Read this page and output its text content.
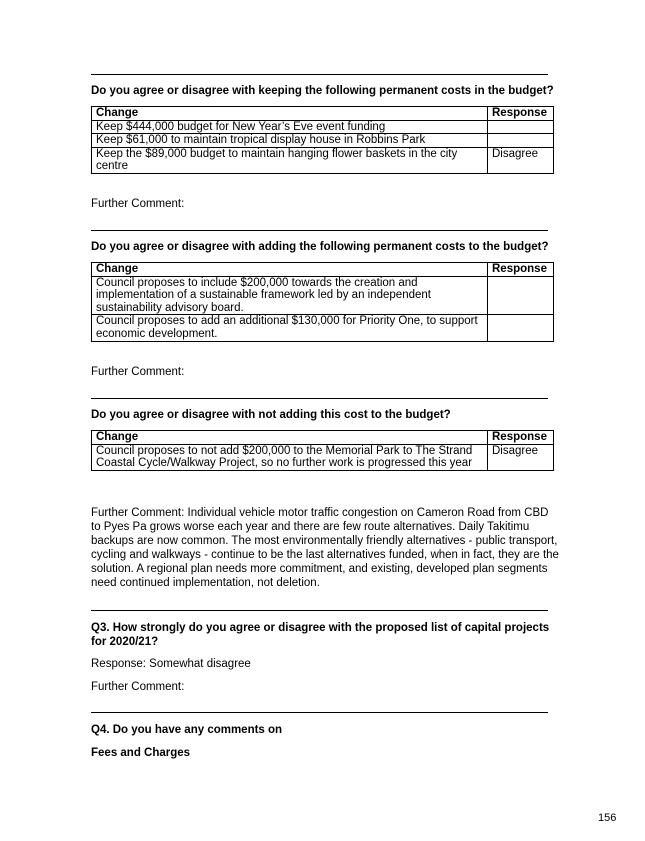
Do you agree or disagree with keeping the following permanent costs in the budget?
Change	Response
Keep $444,000 budget for New Year’s Eve event funding	
Keep $61,000 to maintain tropical display house in Robbins Park	
Keep the $89,000 budget to maintain hanging flower baskets in the city centre	Disagree
Further Comment:
Do you agree or disagree with adding the following permanent costs to the budget?
Change	Response
Council proposes to include $200,000 towards the creation and implementation of a sustainable framework led by an independent sustainability advisory board.	
Council proposes to add an additional $130,000 for Priority One, to support economic development.	
Further Comment:
Do you agree or disagree with not adding this cost to the budget?
Change	Response
Council proposes to not add $200,000 to the Memorial Park to The Strand Coastal Cycle/Walkway Project, so no further work is progressed this year	Disagree
Further Comment: Individual vehicle motor traffic congestion on Cameron Road from CBD to Pyes Pa grows worse each year and there are few route alternatives. Daily Takitimu backups are now common. The most environmentally friendly alternatives - public transport, cycling and walkways - continue to be the last alternatives funded, when in fact, they are the solution. A regional plan needs more commitment, and existing, developed plan segments need continued implementation, not deletion.
Q3. How strongly do you agree or disagree with the proposed list of capital projects for 2020/21?
Response: Somewhat disagree
Further Comment:
Q4. Do you have any comments on
Fees and Charges
156
